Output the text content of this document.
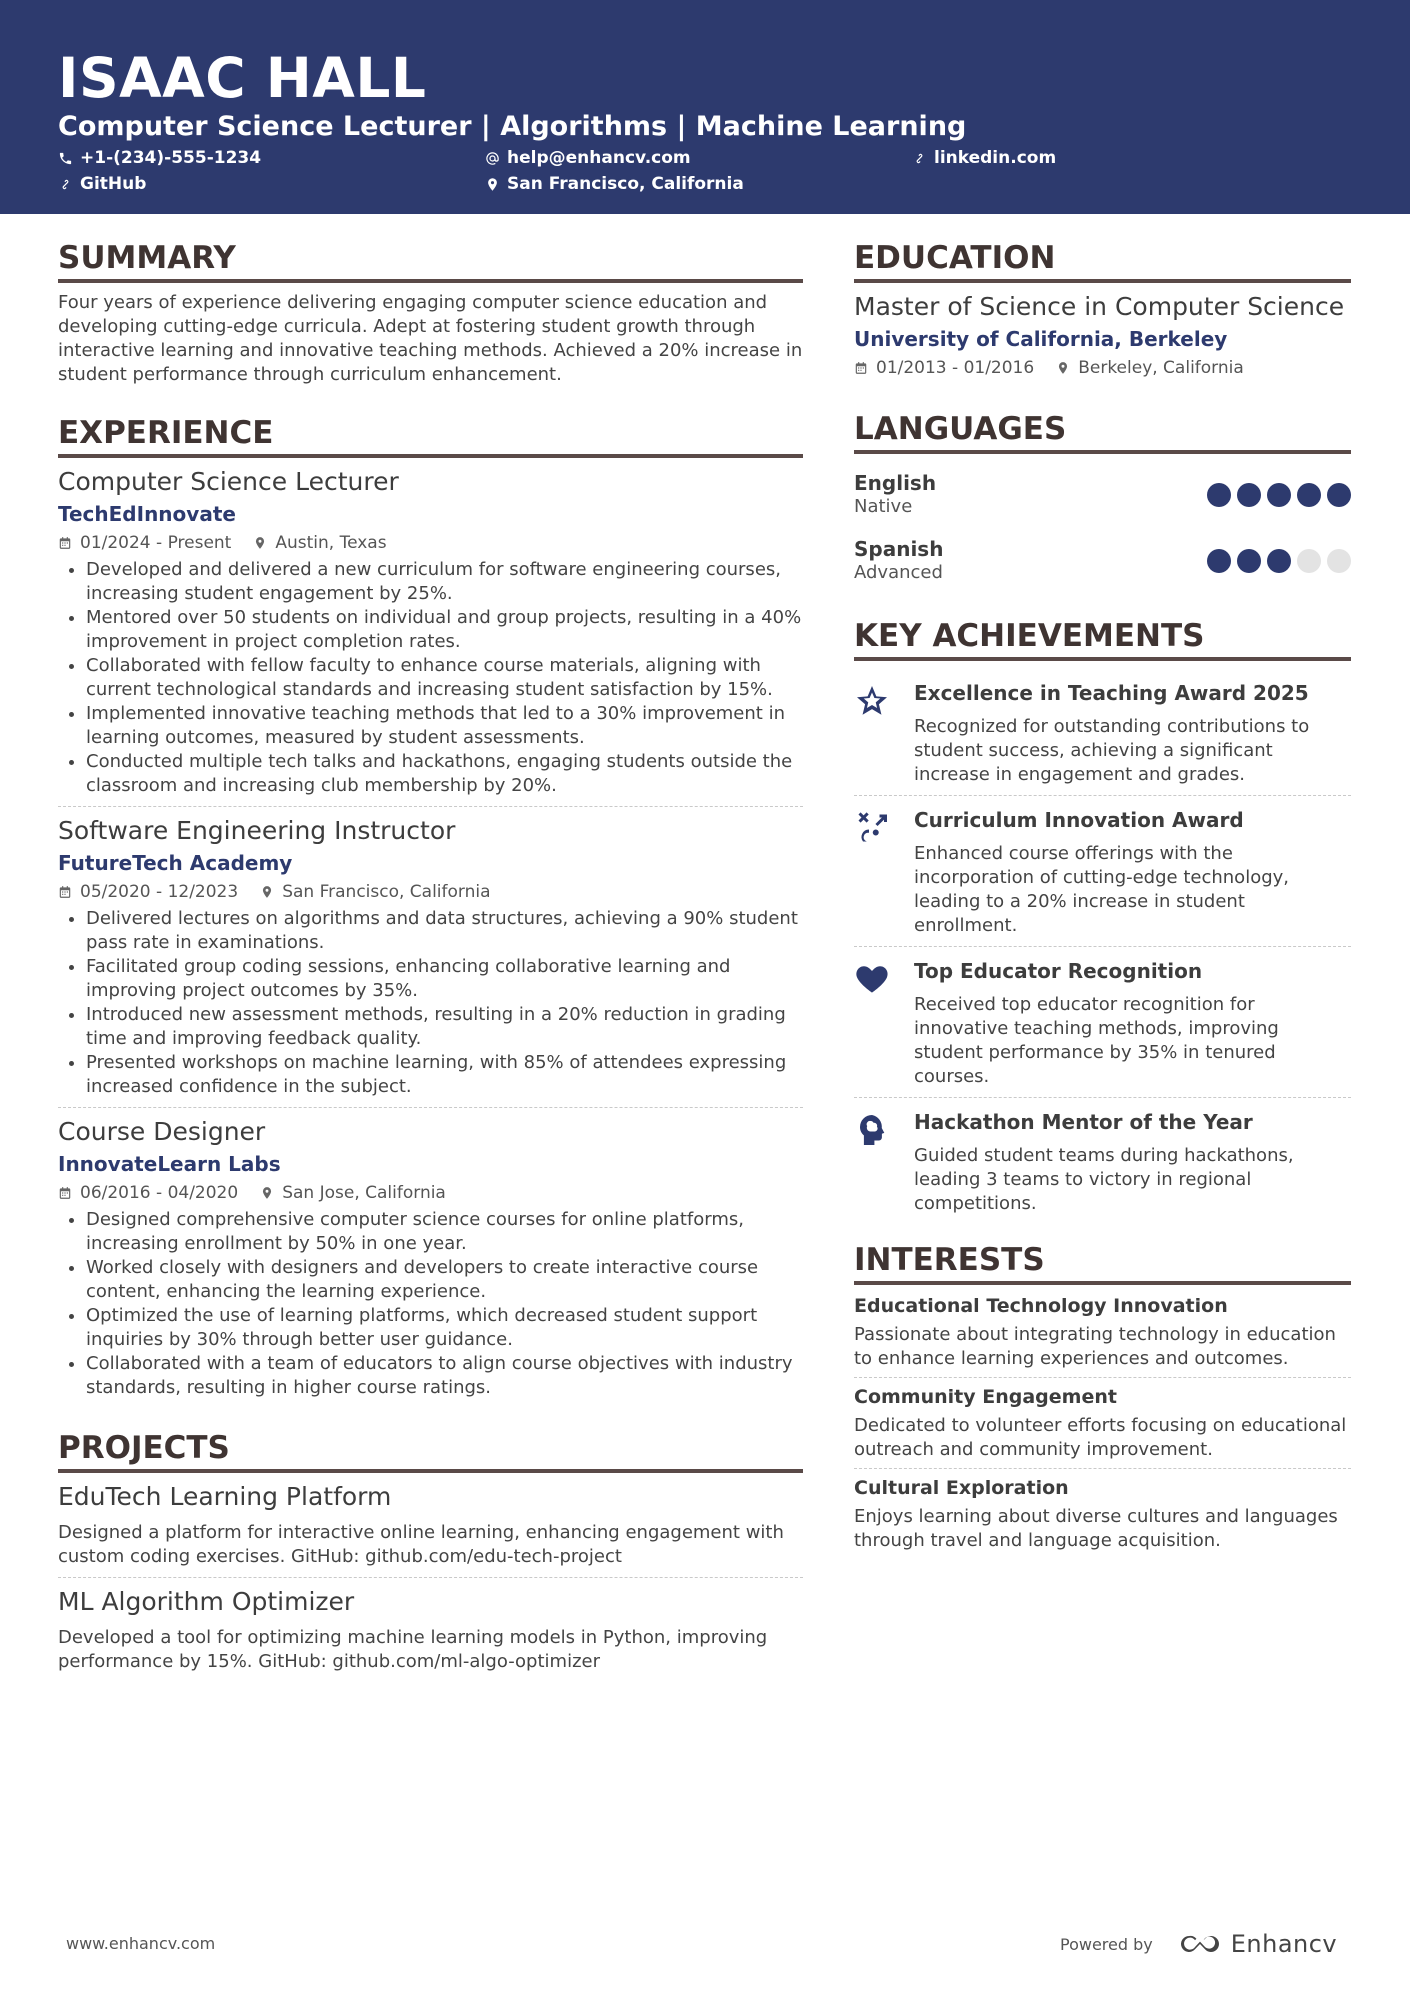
ISAAC HALL
Computer Science Lecturer | Algorithms | Machine Learning
+1-(234)-555-1234	help@enhancv.com	linkedin.com
GitHub	San Francisco, California
SUMMARY
Four years of experience delivering engaging computer science education and developing cutting-edge curricula. Adept at fostering student growth through interactive learning and innovative teaching methods. Achieved a 20% increase in student performance through curriculum enhancement.
EXPERIENCE
Computer Science Lecturer
TechEdInnovate
01/2024 - Present	Austin, Texas
• Developed and delivered a new curriculum for software engineering courses, increasing student engagement by 25%.
• Mentored over 50 students on individual and group projects, resulting in a 40% improvement in project completion rates.
• Collaborated with fellow faculty to enhance course materials, aligning with current technological standards and increasing student satisfaction by 15%.
• Implemented innovative teaching methods that led to a 30% improvement in learning outcomes, measured by student assessments.
• Conducted multiple tech talks and hackathons, engaging students outside the classroom and increasing club membership by 20%.
Software Engineering Instructor
FutureTech Academy
05/2020 - 12/2023	San Francisco, California
• Delivered lectures on algorithms and data structures, achieving a 90% student pass rate in examinations.
• Facilitated group coding sessions, enhancing collaborative learning and improving project outcomes by 35%.
• Introduced new assessment methods, resulting in a 20% reduction in grading time and improving feedback quality.
• Presented workshops on machine learning, with 85% of attendees expressing increased confidence in the subject.
Course Designer
InnovateLearn Labs
06/2016 - 04/2020	San Jose, California
• Designed comprehensive computer science courses for online platforms, increasing enrollment by 50% in one year.
• Worked closely with designers and developers to create interactive course content, enhancing the learning experience.
• Optimized the use of learning platforms, which decreased student support inquiries by 30% through better user guidance.
• Collaborated with a team of educators to align course objectives with industry standards, resulting in higher course ratings.
PROJECTS
EduTech Learning Platform
Designed a platform for interactive online learning, enhancing engagement with custom coding exercises. GitHub: github.com/edu-tech-project
ML Algorithm Optimizer
Developed a tool for optimizing machine learning models in Python, improving performance by 15%. GitHub: github.com/ml-algo-optimizer
EDUCATION
Master of Science in Computer Science
University of California, Berkeley
01/2013 - 01/2016	Berkeley, California
LANGUAGES
English
Native
Spanish
Advanced
KEY ACHIEVEMENTS
Excellence in Teaching Award 2025
Recognized for outstanding contributions to student success, achieving a significant increase in engagement and grades.
Curriculum Innovation Award
Enhanced course offerings with the incorporation of cutting-edge technology, leading to a 20% increase in student enrollment.
Top Educator Recognition
Received top educator recognition for innovative teaching methods, improving student performance by 35% in tenured courses.
Hackathon Mentor of the Year
Guided student teams during hackathons, leading 3 teams to victory in regional competitions.
INTERESTS
Educational Technology Innovation
Passionate about integrating technology in education to enhance learning experiences and outcomes.
Community Engagement
Dedicated to volunteer efforts focusing on educational outreach and community improvement.
Cultural Exploration
Enjoys learning about diverse cultures and languages through travel and language acquisition.
www.enhancv.com	Powered by	Enhancv
